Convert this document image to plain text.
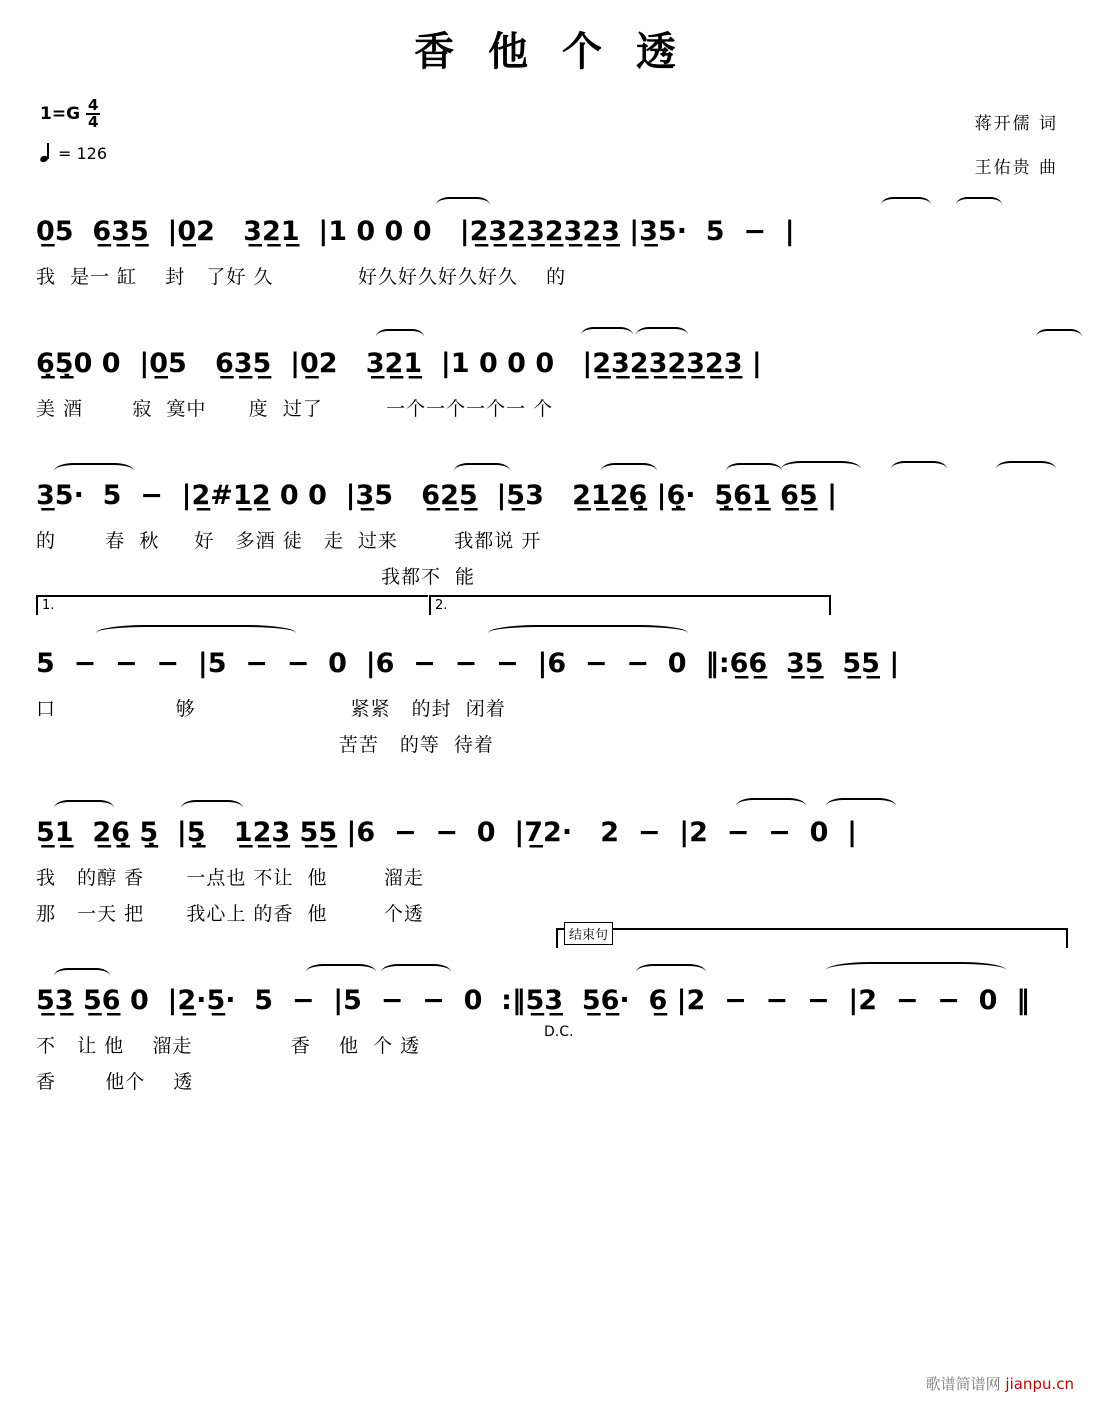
香 他 个 透
$1=G \frac{4}{4}$
= 126
蒋开儒 词
王佑贵 曲
0̲5  6̲3̲5̲  |0̲2   3̲2̲1̲  |1 0 0 0   |2̲3̲2̲3̲2̲3̲2̲3̲ |3̲5·  5  −  |
我  是一 缸    封   了好 久            好久好久好久好久    的
6̣̲5̣̲0 0  |0̲5   6̲3̲5̲  |0̲2   3̲2̲1̲  |1 0 0 0   |2̲3̲2̲3̲2̲3̲2̲3̲ |
美 酒       寂  寞中      度  过了         一个一个一个一 个
3̲5·  5  −  |2̲#1̲2̲ 0 0  |3̲5   6̲2̲5̲  |5̲3   2̲1̲2̲6̣̲ |6̣̲·  5̣̲6̲1̲ 6̲5̲ |
的       春  秋     好   多酒 徒   走  过来        我都说 开
我都不  能
1.	2.
5  −  −  −  |5  −  −  0  |6  −  −  −  |6  −  −  0  ‖:6̲6̲  3̲5̲  5̲5̲ |
口                 够                      紧紧   的封  闭着
苦苦   的等  待着
5̲1̲  2̲6̣̲ 5̣̲  |5̣̲   1̲2̲3̲ 5̲5̲ |6  −  −  0  |7̲2·   2  −  |2  −  −  0  |
我   的醇 香      一点也 不让  他        溜走
那   一天 把      我心上 的香  他        个透
结束句
5̲3̲ 5̲6̲ 0  |2̲·5̲·  5  −  |5  −  −  0  :‖5̲3̲  5̲6̲·  6̲ |2  −  −  −  |2  −  −  0  ‖
D.C.
不   让 他    溜走              香    他  个 透
香       他个    透
歌谱简谱网 jianpu.cn
